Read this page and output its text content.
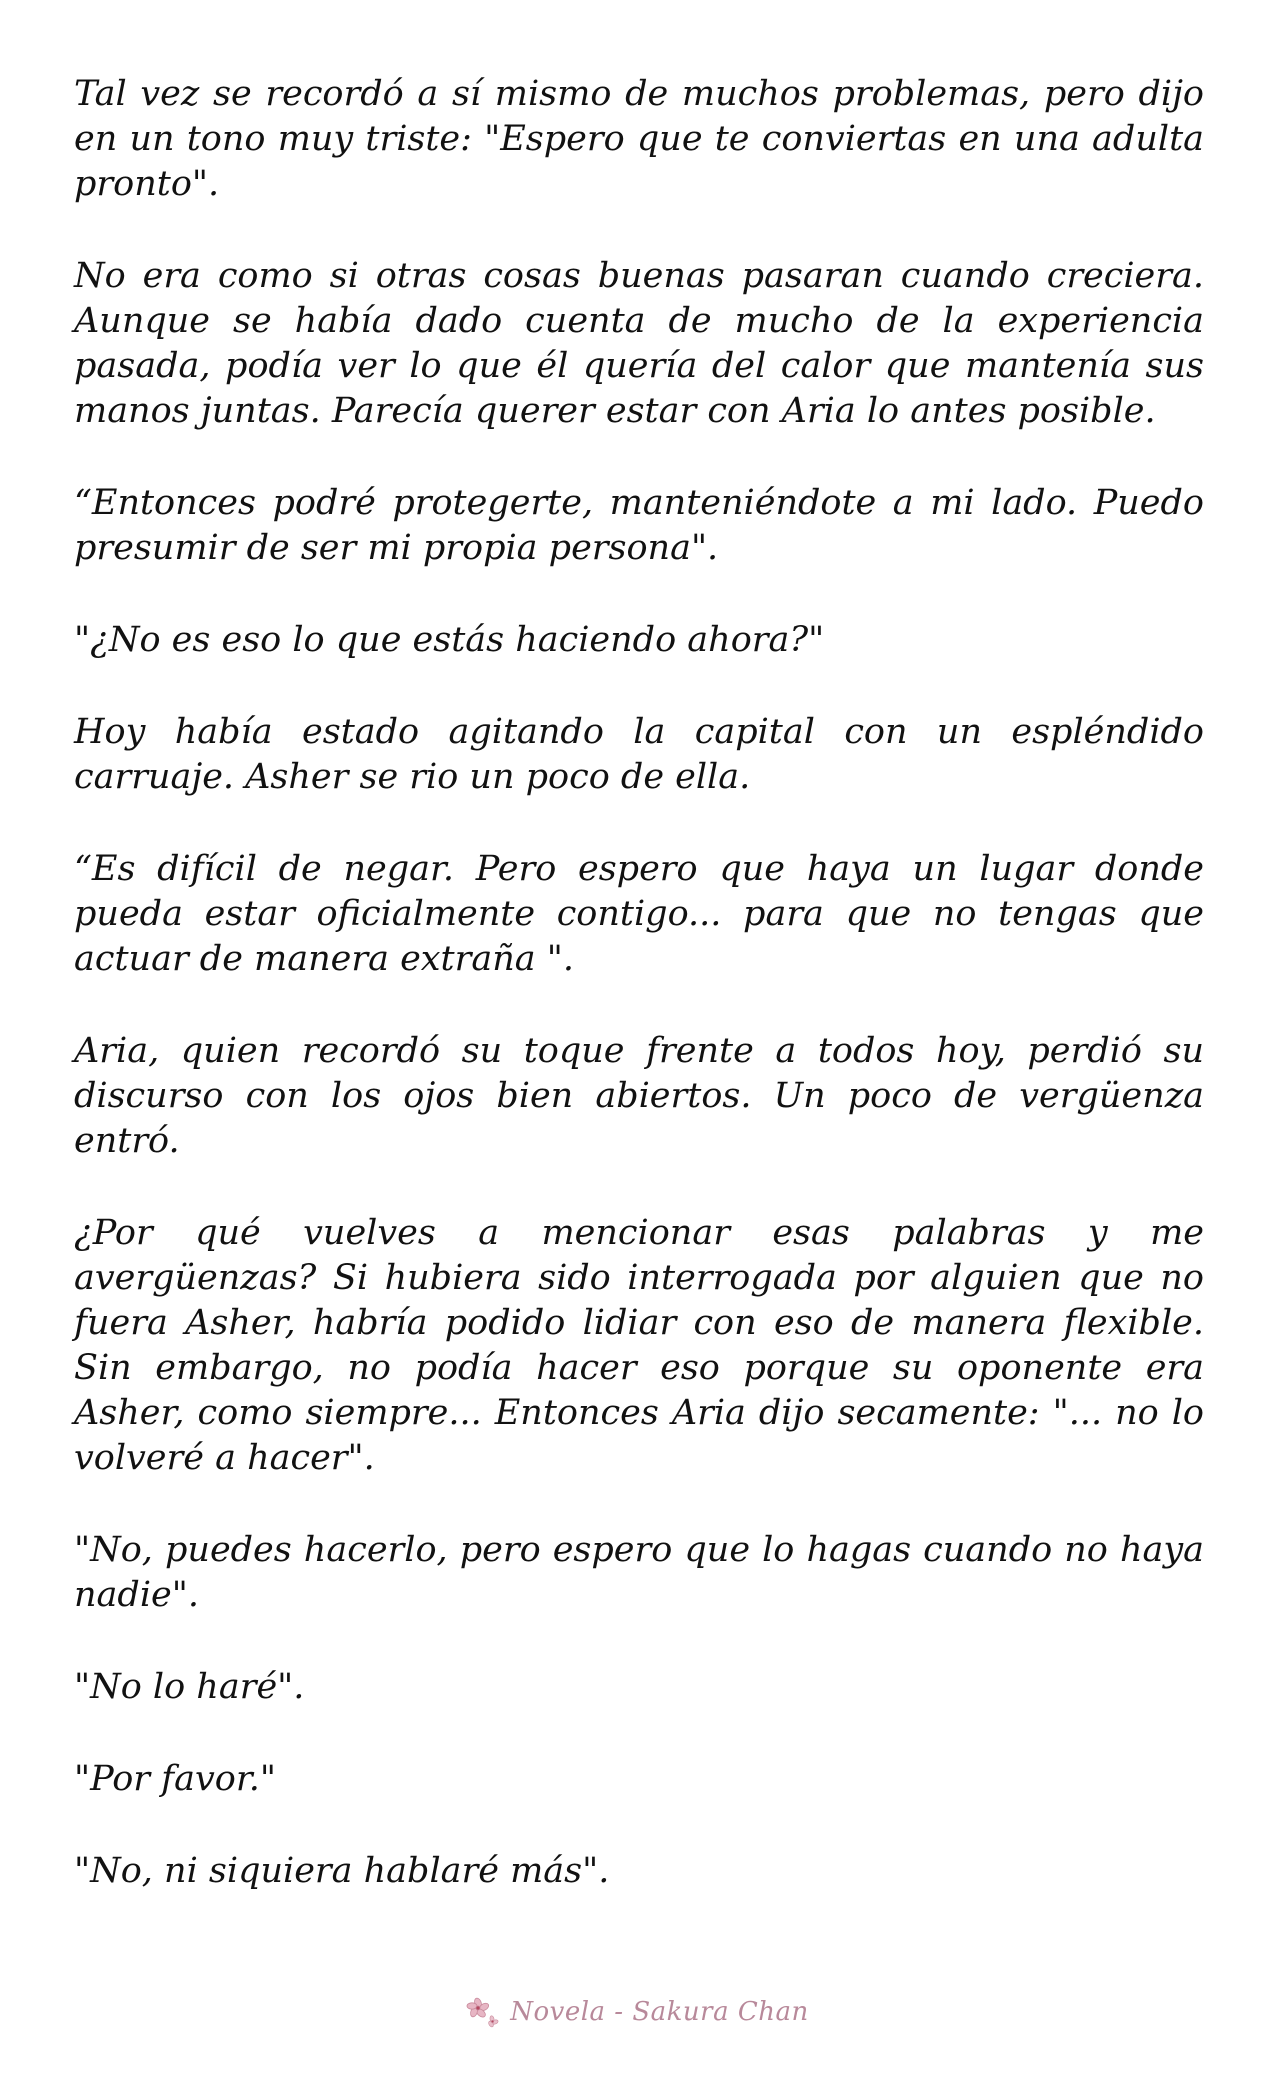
Tal vez se recordó a sí mismo de muchos problemas, pero dijo en un tono muy triste: "Espero que te conviertas en una adulta pronto".

No era como si otras cosas buenas pasaran cuando creciera. Aunque se había dado cuenta de mucho de la experiencia pasada, podía ver lo que él quería del calor que mantenía sus manos juntas. Parecía querer estar con Aria lo antes posible.

“Entonces podré protegerte, manteniéndote a mi lado. Puedo presumir de ser mi propia persona".

"¿No es eso lo que estás haciendo ahora?"

Hoy había estado agitando la capital con un espléndido carruaje. Asher se rio un poco de ella.

“Es difícil de negar. Pero espero que haya un lugar donde pueda estar oficialmente contigo... para que no tengas que actuar de manera extraña ".

Aria, quien recordó su toque frente a todos hoy, perdió su discurso con los ojos bien abiertos. Un poco de vergüenza entró.

¿Por qué vuelves a mencionar esas palabras y me avergüenzas? Si hubiera sido interrogada por alguien que no fuera Asher, habría podido lidiar con eso de manera flexible. Sin embargo, no podía hacer eso porque su oponente era Asher, como siempre... Entonces Aria dijo secamente: "... no lo volveré a hacer".

"No, puedes hacerlo, pero espero que lo hagas cuando no haya nadie".

"No lo haré".

"Por favor."

"No, ni siquiera hablaré más".

Novela - Sakura Chan
